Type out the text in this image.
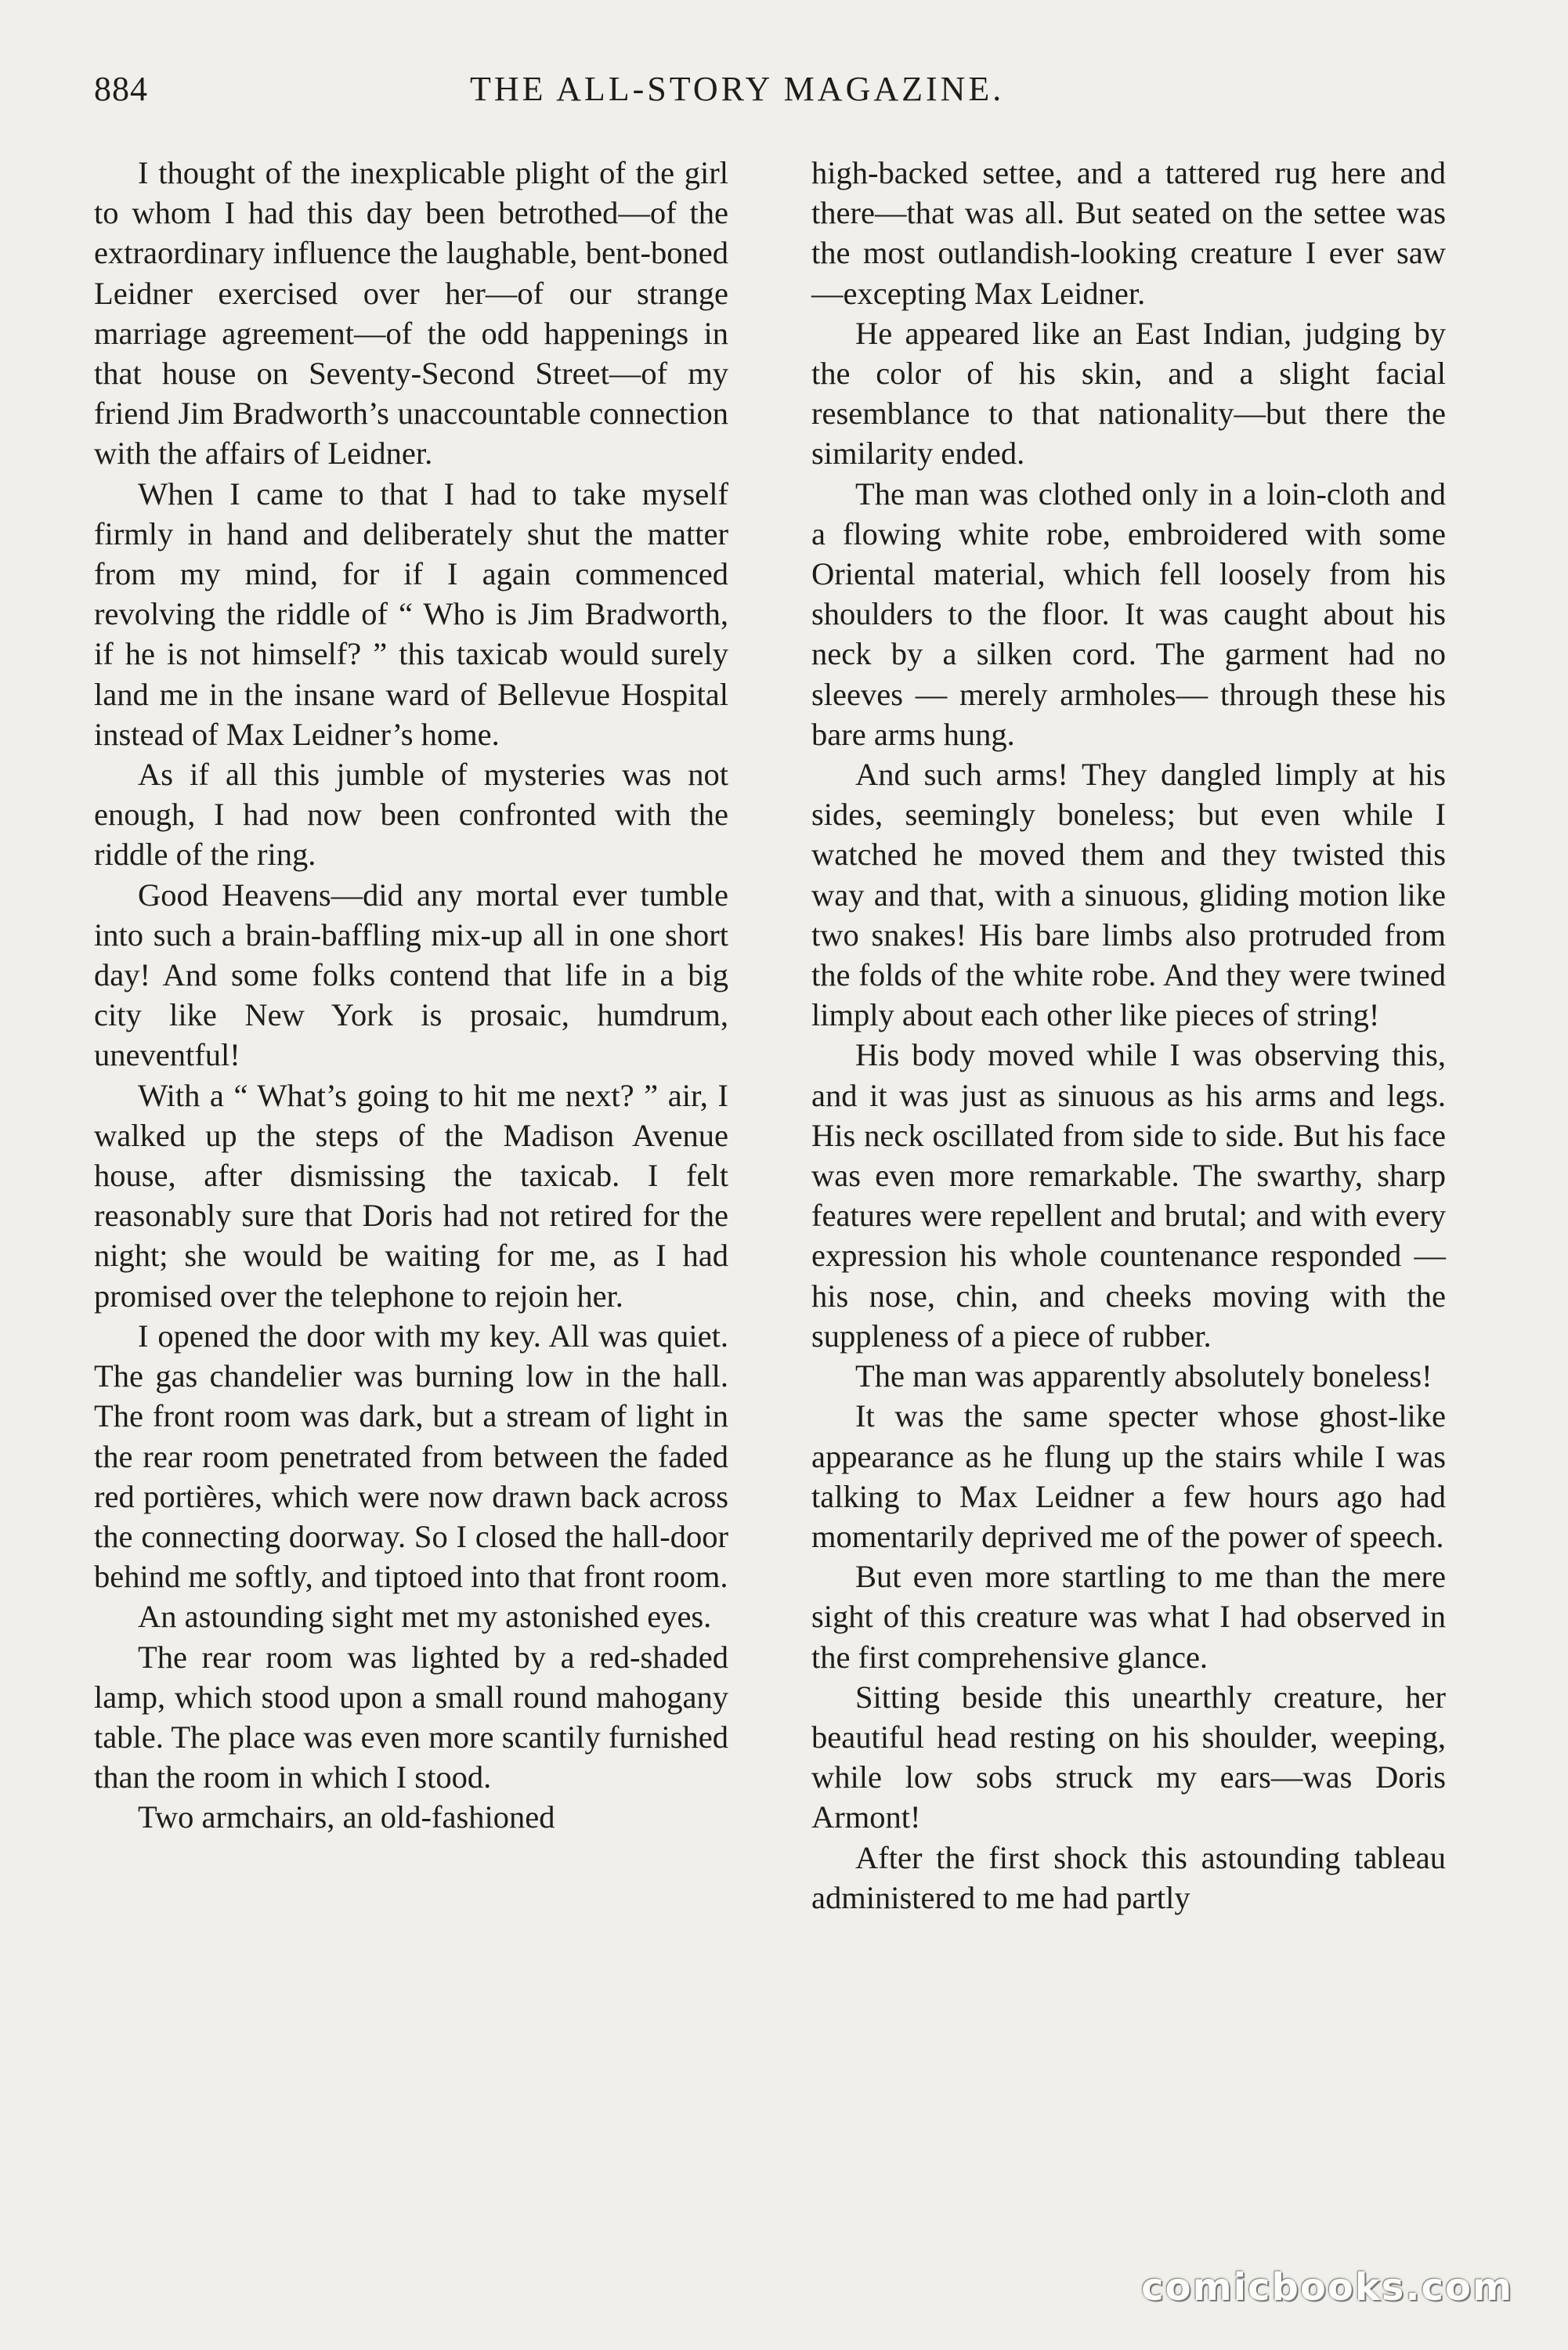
884	THE ALL-STORY MAGAZINE.

I thought of the inexplicable plight of the girl to whom I had this day been betrothed—of the extraordinary influence the laughable, bent-boned Leidner exercised over her—of our strange marriage agreement—of the odd happenings in that house on Seventy-Second Street—of my friend Jim Bradworth’s unaccountable connection with the affairs of Leidner.

When I came to that I had to take myself firmly in hand and deliberately shut the matter from my mind, for if I again commenced revolving the riddle of “ Who is Jim Bradworth, if he is not himself? ” this taxicab would surely land me in the insane ward of Bellevue Hospital instead of Max Leidner’s home.

As if all this jumble of mysteries was not enough, I had now been confronted with the riddle of the ring.

Good Heavens—did any mortal ever tumble into such a brain-baffling mix-up all in one short day! And some folks contend that life in a big city like New York is prosaic, humdrum, uneventful!

With a “ What’s going to hit me next? ” air, I walked up the steps of the Madison Avenue house, after dismissing the taxicab. I felt reasonably sure that Doris had not retired for the night; she would be waiting for me, as I had promised over the telephone to rejoin her.

I opened the door with my key. All was quiet. The gas chandelier was burning low in the hall. The front room was dark, but a stream of light in the rear room penetrated from between the faded red portières, which were now drawn back across the connecting doorway. So I closed the hall-door behind me softly, and tiptoed into that front room.

An astounding sight met my astonished eyes.

The rear room was lighted by a red-shaded lamp, which stood upon a small round mahogany table. The place was even more scantily furnished than the room in which I stood.

Two armchairs, an old-fashioned

high-backed settee, and a tattered rug here and there—that was all. But seated on the settee was the most outlandish-looking creature I ever saw—excepting Max Leidner.

He appeared like an East Indian, judging by the color of his skin, and a slight facial resemblance to that nationality—but there the similarity ended.

The man was clothed only in a loin-cloth and a flowing white robe, embroidered with some Oriental material, which fell loosely from his shoulders to the floor. It was caught about his neck by a silken cord. The garment had no sleeves — merely armholes— through these his bare arms hung.

And such arms! They dangled limply at his sides, seemingly boneless; but even while I watched he moved them and they twisted this way and that, with a sinuous, gliding motion like two snakes! His bare limbs also protruded from the folds of the white robe. And they were twined limply about each other like pieces of string!

His body moved while I was observing this, and it was just as sinuous as his arms and legs. His neck oscillated from side to side. But his face was even more remarkable. The swarthy, sharp features were repellent and brutal; and with every expression his whole countenance responded — his nose, chin, and cheeks moving with the suppleness of a piece of rubber.

The man was apparently absolutely boneless!

It was the same specter whose ghost-like appearance as he flung up the stairs while I was talking to Max Leidner a few hours ago had momentarily deprived me of the power of speech.

But even more startling to me than the mere sight of this creature was what I had observed in the first comprehensive glance.

Sitting beside this unearthly creature, her beautiful head resting on his shoulder, weeping, while low sobs struck my ears—was Doris Armont!

After the first shock this astounding tableau administered to me had partly

comicbooks.com
